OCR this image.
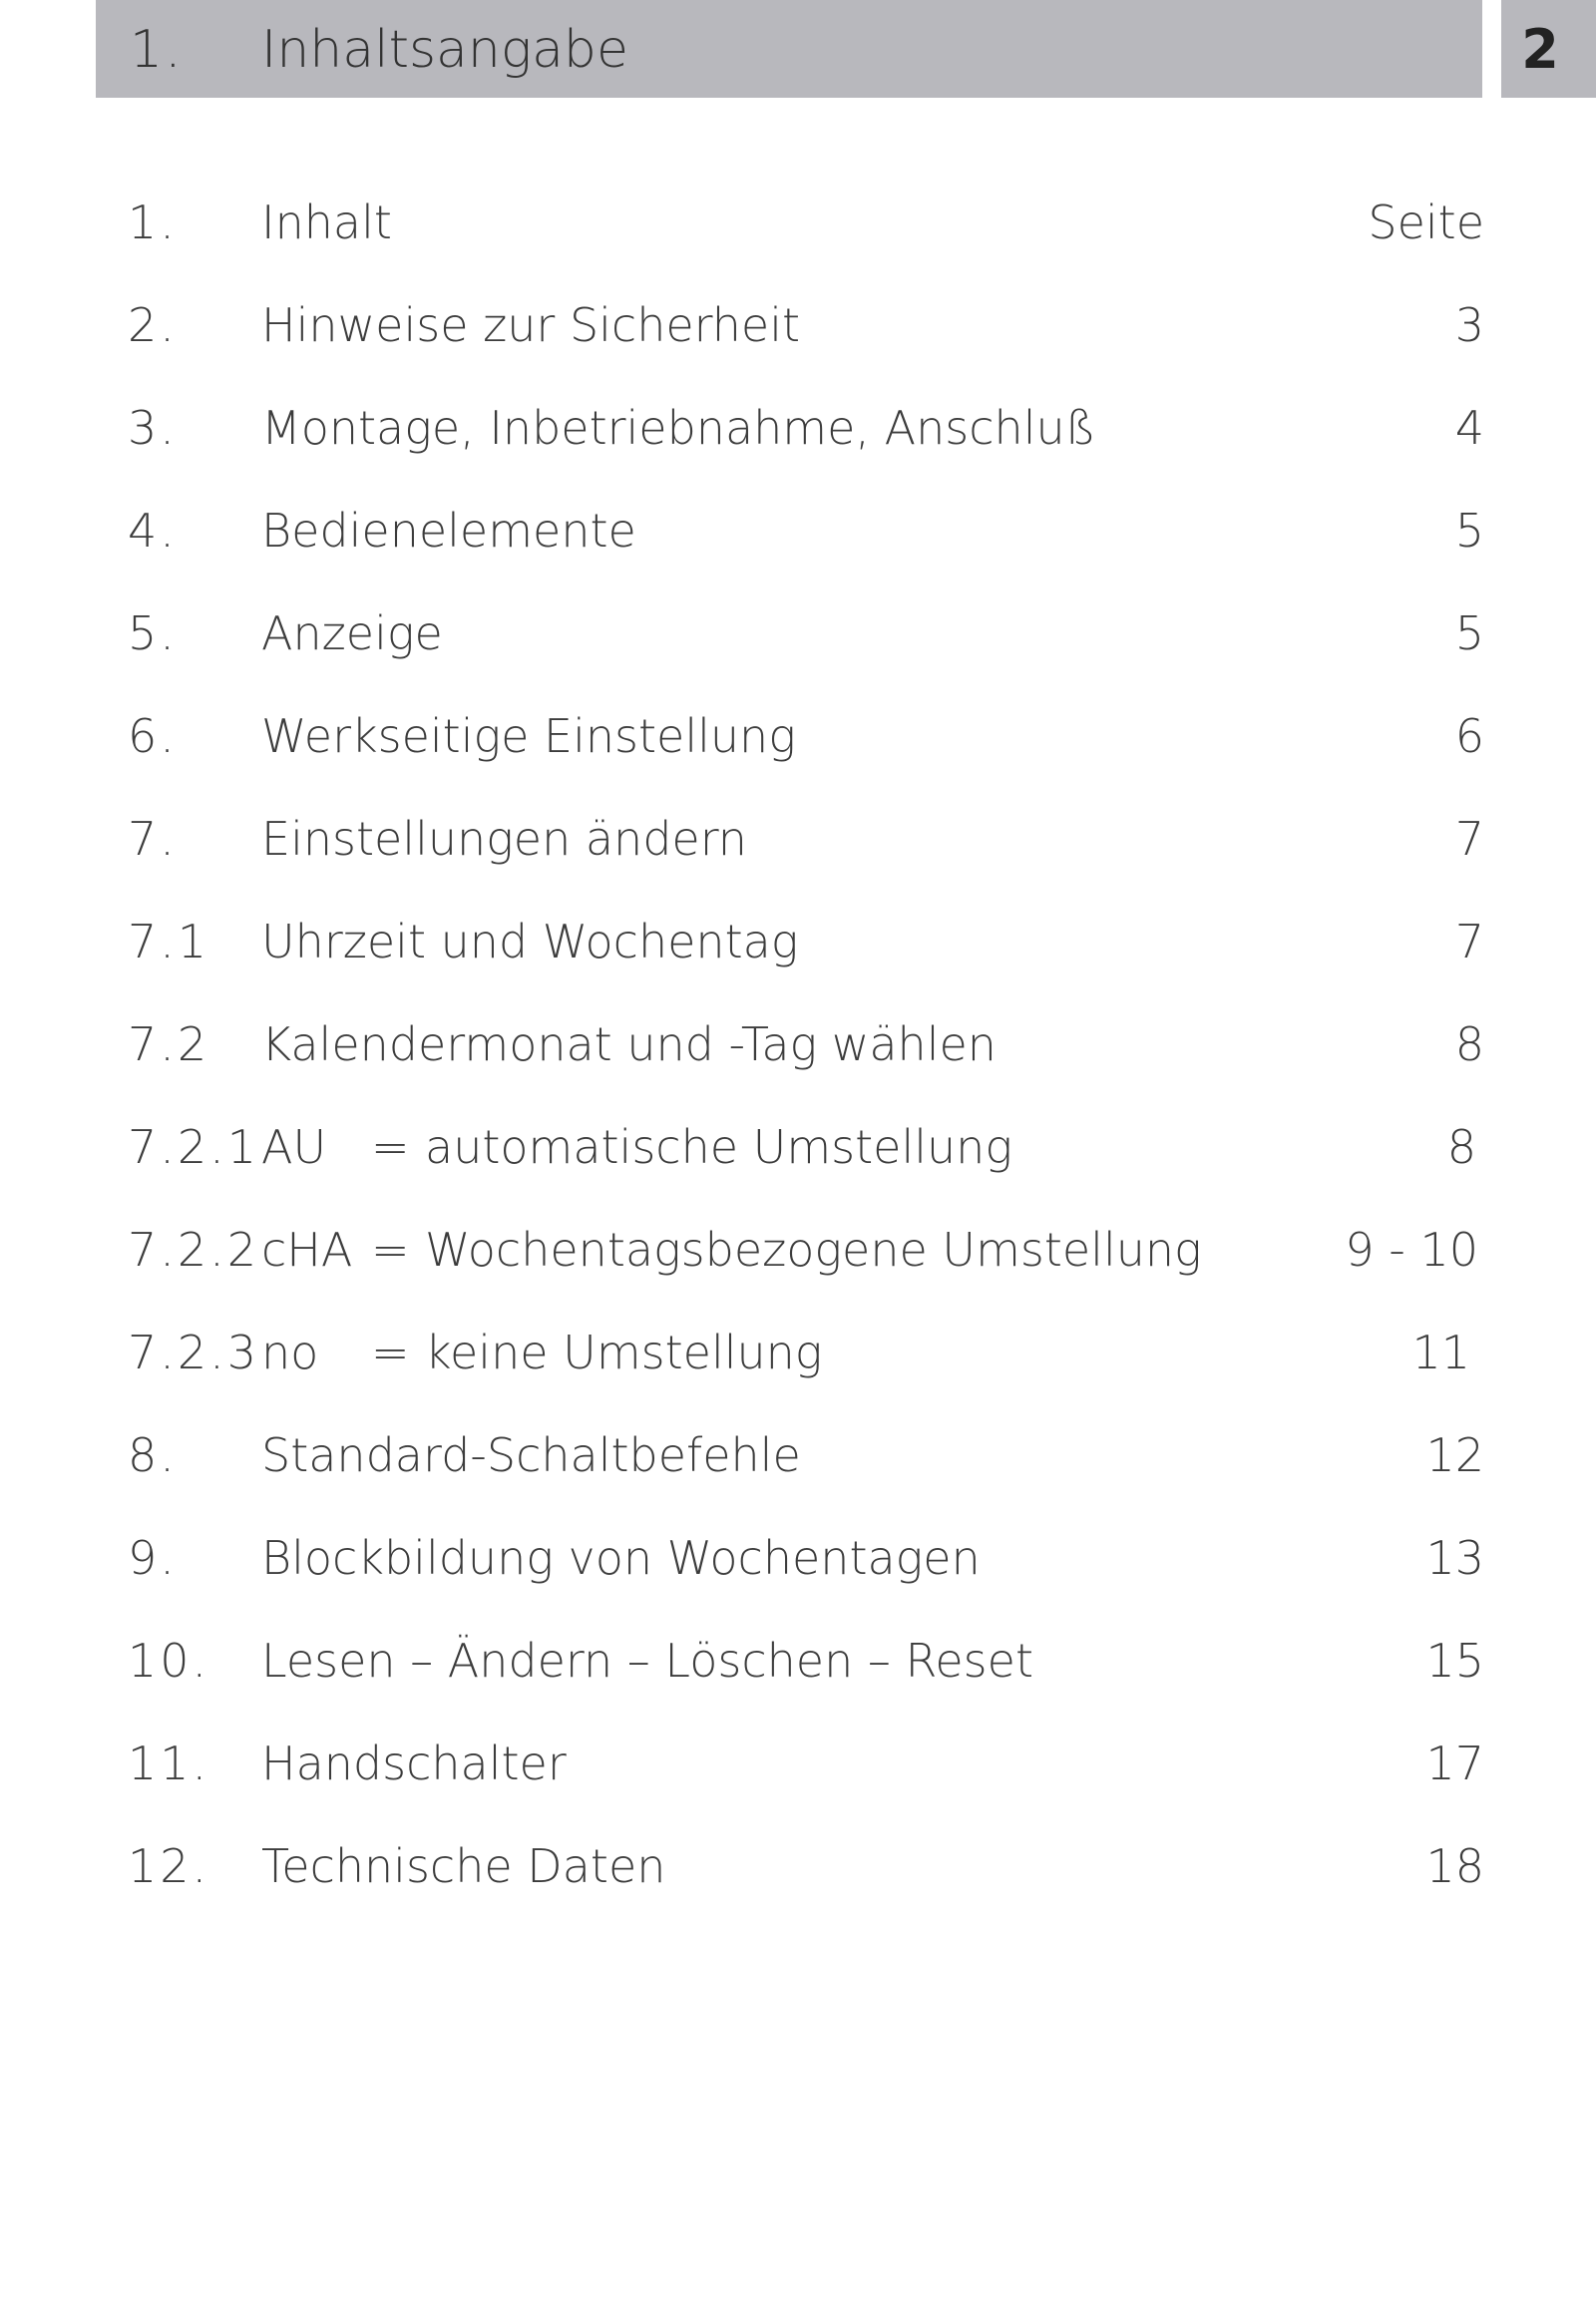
1. Inhaltsangabe	2
1. Inhalt	Seite
2. Hinweise zur Sicherheit	3
3. Montage, Inbetriebnahme, Anschluß	4
4. Bedienelemente	5
5. Anzeige	5
6. Werkseitige Einstellung	6
7. Einstellungen ändern	7
7.1 Uhrzeit und Wochentag	7
7.2 Kalendermonat und -Tag wählen	8
7.2.1 AU = automatische Umstellung	8
7.2.2 cHA = Wochentagsbezogene Umstellung	9 - 10
7.2.3 no = keine Umstellung	11
8. Standard-Schaltbefehle	12
9. Blockbildung von Wochentagen	13
10. Lesen – Ändern – Löschen – Reset	15
11. Handschalter	17
12. Technische Daten	18
